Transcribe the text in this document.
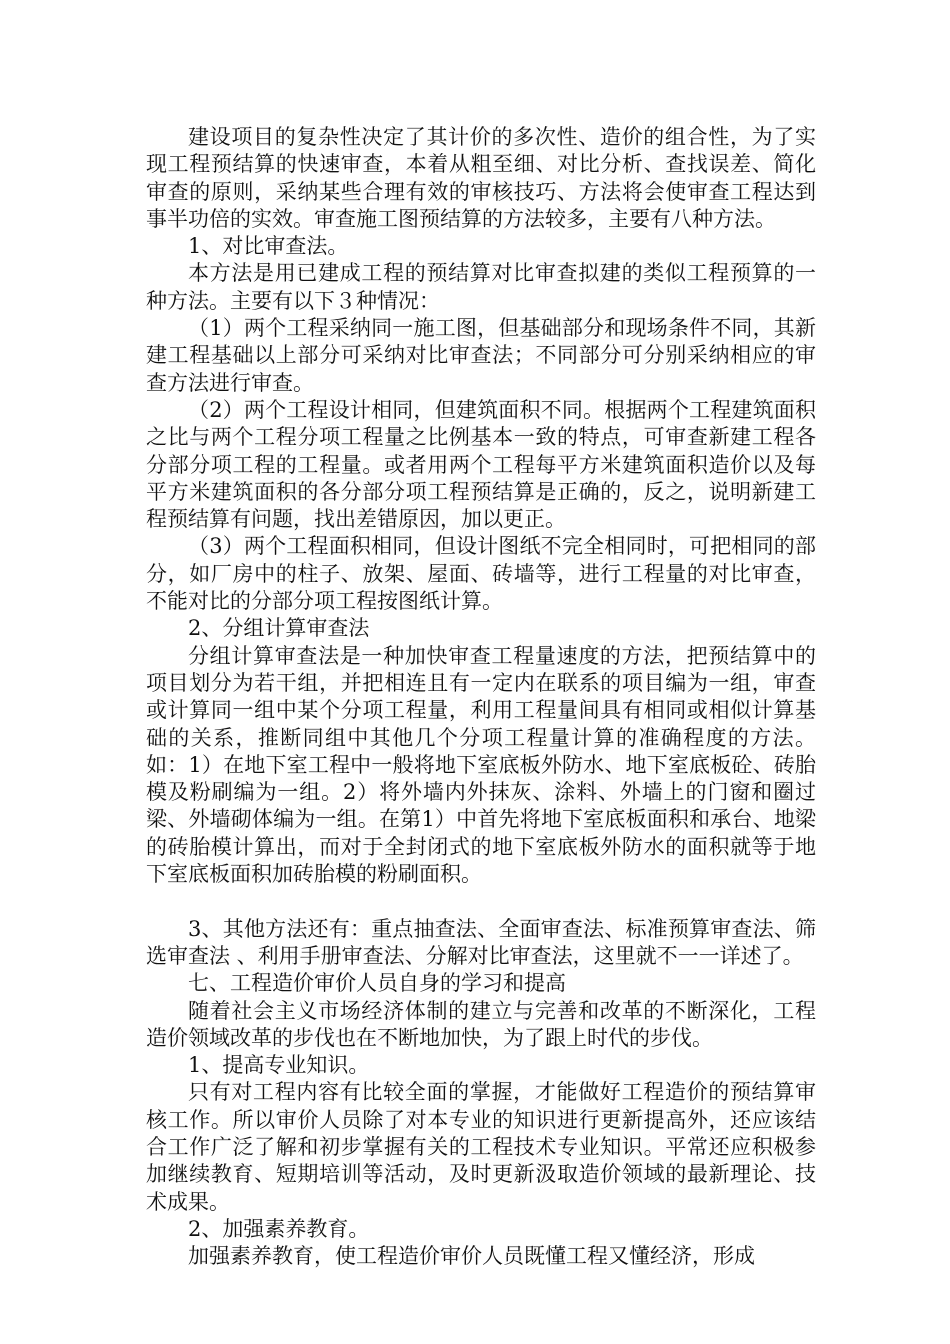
建设项目的复杂性决定了其计价的多次性、造价的组合性，为了实现工程预结算的快速审查，本着从粗至细、对比分析、查找误差、简化审查的原则，采纳某些合理有效的审核技巧、方法将会使审查工程达到事半功倍的实效。审查施工图预结算的方法较多，主要有八种方法。

1、对比审查法。

本方法是用已建成工程的预结算对比审查拟建的类似工程预算的一种方法。主要有以下３种情况：

（1）两个工程采纳同一施工图，但基础部分和现场条件不同，其新建工程基础以上部分可采纳对比审查法；不同部分可分别采纳相应的审查方法进行审查。

（2）两个工程设计相同，但建筑面积不同。根据两个工程建筑面积之比与两个工程分项工程量之比例基本一致的特点，可审查新建工程各分部分项工程的工程量。或者用两个工程每平方米建筑面积造价以及每平方米建筑面积的各分部分项工程预结算是正确的，反之，说明新建工程预结算有问题，找出差错原因，加以更正。

（3）两个工程面积相同，但设计图纸不完全相同时，可把相同的部分，如厂房中的柱子、放架、屋面、砖墙等，进行工程量的对比审查，不能对比的分部分项工程按图纸计算。

2、分组计算审查法

分组计算审查法是一种加快审查工程量速度的方法，把预结算中的项目划分为若干组，并把相连且有一定内在联系的项目编为一组，审查或计算同一组中某个分项工程量，利用工程量间具有相同或相似计算基础的关系，推断同组中其他几个分项工程量计算的准确程度的方法。如：1）在地下室工程中一般将地下室底板外防水、地下室底板砼、砖胎模及粉刷编为一组。2）将外墙内外抹灰、涂料、外墙上的门窗和圈过梁、外墙砌体编为一组。在第1）中首先将地下室底板面积和承台、地梁的砖胎模计算出，而对于全封闭式的地下室底板外防水的面积就等于地下室底板面积加砖胎模的粉刷面积。

3、其他方法还有：重点抽查法、全面审查法、标准预算审查法、筛选审查法 、利用手册审查法、分解对比审查法，这里就不一一详述了。

七、工程造价审价人员自身的学习和提高

随着社会主义市场经济体制的建立与完善和改革的不断深化，工程造价领域改革的步伐也在不断地加快，为了跟上时代的步伐。

1、提高专业知识。

只有对工程内容有比较全面的掌握，才能做好工程造价的预结算审核工作。所以审价人员除了对本专业的知识进行更新提高外，还应该结合工作广泛了解和初步掌握有关的工程技术专业知识。平常还应积极参加继续教育、短期培训等活动，及时更新汲取造价领域的最新理论、技术成果。

2、加强素养教育。

加强素养教育，使工程造价审价人员既懂工程又懂经济，形成
